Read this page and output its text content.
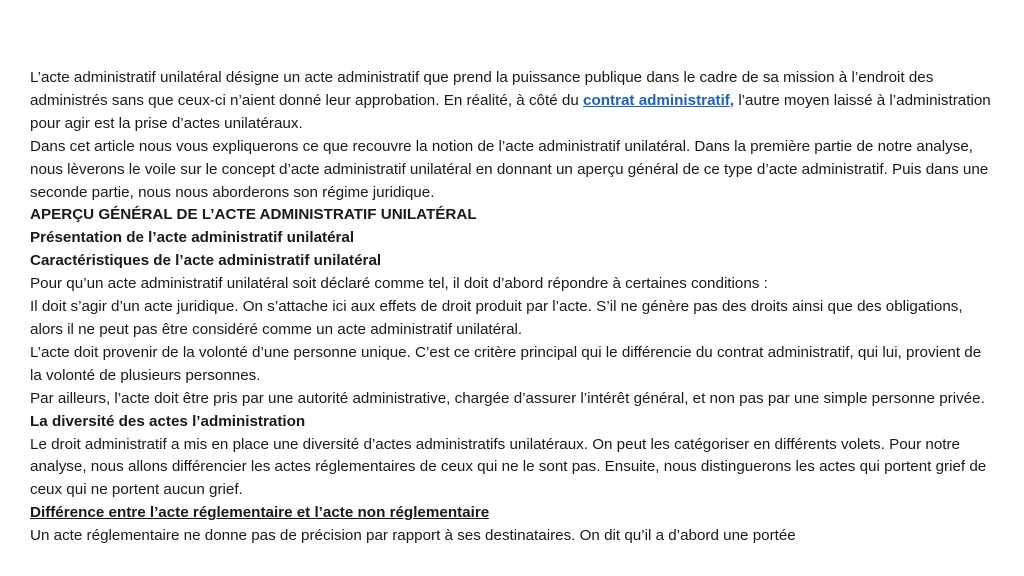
L’acte administratif unilatéral désigne un acte administratif que prend la puissance publique dans le cadre de sa mission à l’endroit des administrés sans que ceux-ci n’aient donné leur approbation. En réalité, à côté du contrat administratif, l’autre moyen laissé à l’administration pour agir est la prise d’actes unilatéraux.

Dans cet article nous vous expliquerons ce que recouvre la notion de l’acte administratif unilatéral. Dans la première partie de notre analyse, nous lèverons le voile sur le concept d’acte administratif unilatéral en donnant un aperçu général de ce type d’acte administratif. Puis dans une seconde partie, nous nous aborderons son régime juridique.

APERÇU GÉNÉRAL DE L’ACTE ADMINISTRATIF UNILATÉRAL

Présentation de l’acte administratif unilatéral

Caractéristiques de l’acte administratif unilatéral

Pour qu’un acte administratif unilatéral soit déclaré comme tel, il doit d’abord répondre à certaines conditions :

Il doit s’agir d’un acte juridique. On s’attache ici aux effets de droit produit par l’acte. S’il ne génère pas des droits ainsi que des obligations, alors il ne peut pas être considéré comme un acte administratif unilatéral.

L’acte doit provenir de la volonté d’une personne unique. C’est ce critère principal qui le différencie du contrat administratif, qui lui, provient de la volonté de plusieurs personnes.

Par ailleurs, l’acte doit être pris par une autorité administrative, chargée d’assurer l’intérêt général, et non pas par une simple personne privée.

La diversité des actes l’administration

Le droit administratif a mis en place une diversité d’actes administratifs unilatéraux. On peut les catégoriser en différents volets. Pour notre analyse, nous allons différencier les actes réglementaires de ceux qui ne le sont pas. Ensuite, nous distinguerons les actes qui portent grief de ceux qui ne portent aucun grief.

Différence entre l’acte réglementaire et l’acte non réglementaire

Un acte réglementaire ne donne pas de précision par rapport à ses destinataires. On dit qu’il a d’abord une portée
